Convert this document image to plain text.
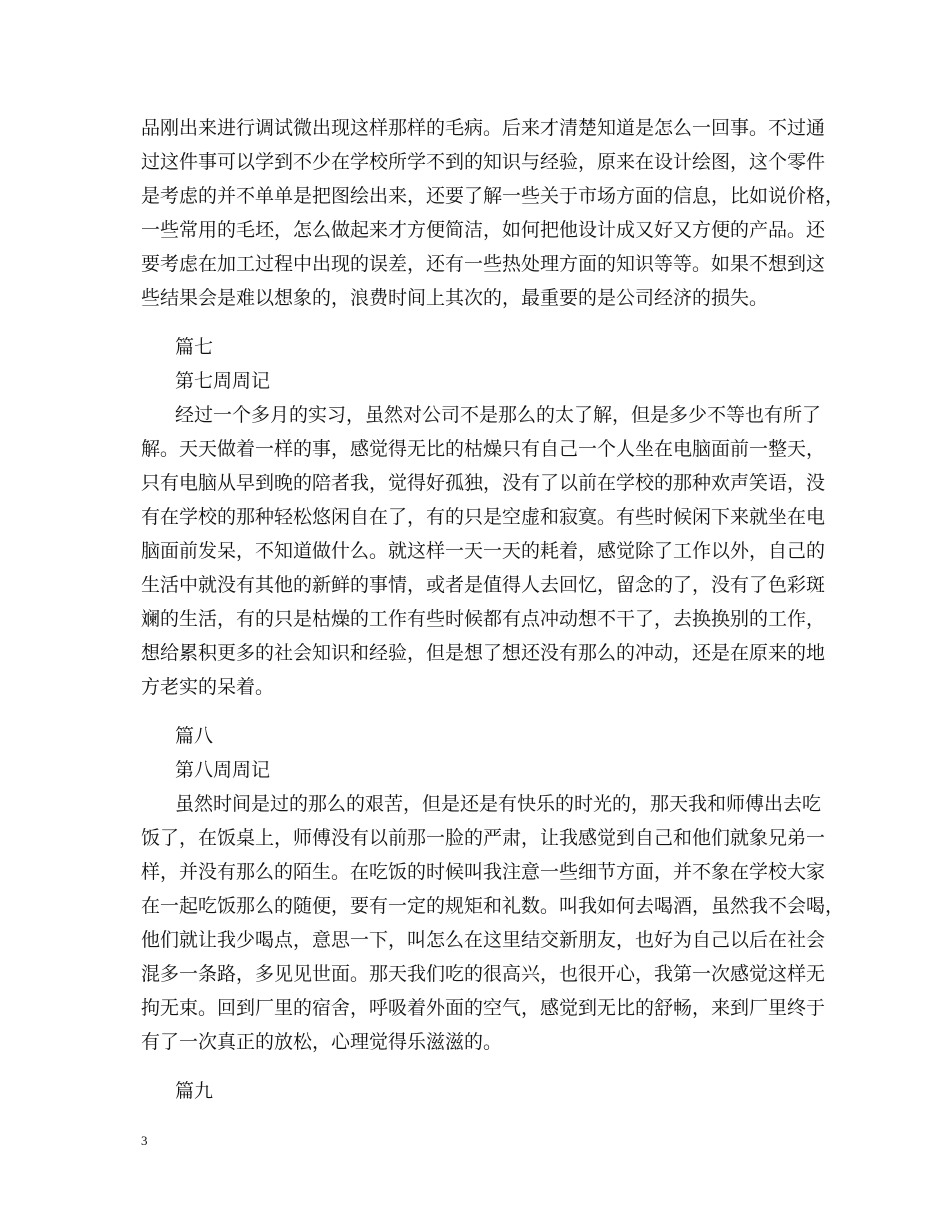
品刚出来进行调试微出现这样那样的毛病。后来才清楚知道是怎么一回事。不过通
过这件事可以学到不少在学校所学不到的知识与经验，原来在设计绘图，这个零件
是考虑的并不单单是把图绘出来，还要了解一些关于市场方面的信息，比如说价格，
一些常用的毛坯，怎么做起来才方便简洁，如何把他设计成又好又方便的产品。还
要考虑在加工过程中出现的误差，还有一些热处理方面的知识等等。如果不想到这
些结果会是难以想象的，浪费时间上其次的，最重要的是公司经济的损失。
篇七
第七周周记
经过一个多月的实习，虽然对公司不是那么的太了解，但是多少不等也有所了
解。天天做着一样的事，感觉得无比的枯燥只有自己一个人坐在电脑面前一整天，
只有电脑从早到晚的陪者我，觉得好孤独，没有了以前在学校的那种欢声笑语，没
有在学校的那种轻松悠闲自在了，有的只是空虚和寂寞。有些时候闲下来就坐在电
脑面前发呆，不知道做什么。就这样一天一天的耗着，感觉除了工作以外，自己的
生活中就没有其他的新鲜的事情，或者是值得人去回忆，留念的了，没有了色彩斑
斓的生活，有的只是枯燥的工作有些时候都有点冲动想不干了，去换换别的工作，
想给累积更多的社会知识和经验，但是想了想还没有那么的冲动，还是在原来的地
方老实的呆着。
篇八
第八周周记
虽然时间是过的那么的艰苦，但是还是有快乐的时光的，那天我和师傅出去吃
饭了，在饭桌上，师傅没有以前那一脸的严肃，让我感觉到自己和他们就象兄弟一
样，并没有那么的陌生。在吃饭的时候叫我注意一些细节方面，并不象在学校大家
在一起吃饭那么的随便，要有一定的规矩和礼数。叫我如何去喝酒，虽然我不会喝，
他们就让我少喝点，意思一下，叫怎么在这里结交新朋友，也好为自己以后在社会
混多一条路，多见见世面。那天我们吃的很高兴，也很开心，我第一次感觉这样无
拘无束。回到厂里的宿舍，呼吸着外面的空气，感觉到无比的舒畅，来到厂里终于
有了一次真正的放松，心理觉得乐滋滋的。
篇九
3
